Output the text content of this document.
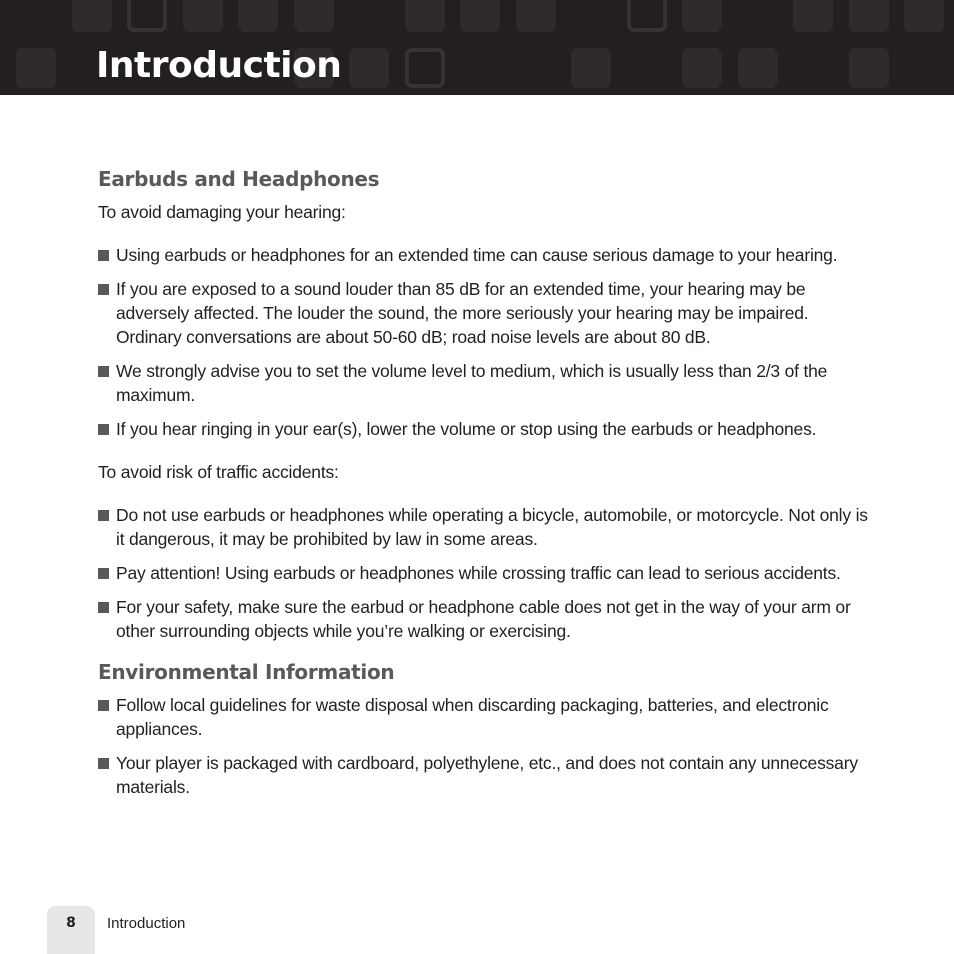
Introduction
Earbuds and Headphones

To avoid damaging your hearing:

Using earbuds or headphones for an extended time can cause serious damage to your hearing.
If you are exposed to a sound louder than 85 dB for an extended time, your hearing may be adversely affected. The louder the sound, the more seriously your hearing may be impaired. Ordinary conversations are about 50-60 dB; road noise levels are about 80 dB.
We strongly advise you to set the volume level to medium, which is usually less than 2/3 of the maximum.
If you hear ringing in your ear(s), lower the volume or stop using the earbuds or headphones.

To avoid risk of traffic accidents:

Do not use earbuds or headphones while operating a bicycle, automobile, or motorcycle. Not only is it dangerous, it may be prohibited by law in some areas.
Pay attention! Using earbuds or headphones while crossing traffic can lead to serious accidents.
For your safety, make sure the earbud or headphone cable does not get in the way of your arm or other surrounding objects while you’re walking or exercising.
Environmental Information
Follow local guidelines for waste disposal when discarding packaging, batteries, and electronic appliances.
Your player is packaged with cardboard, polyethylene, etc., and does not contain any unnecessary materials.
8	Introduction
